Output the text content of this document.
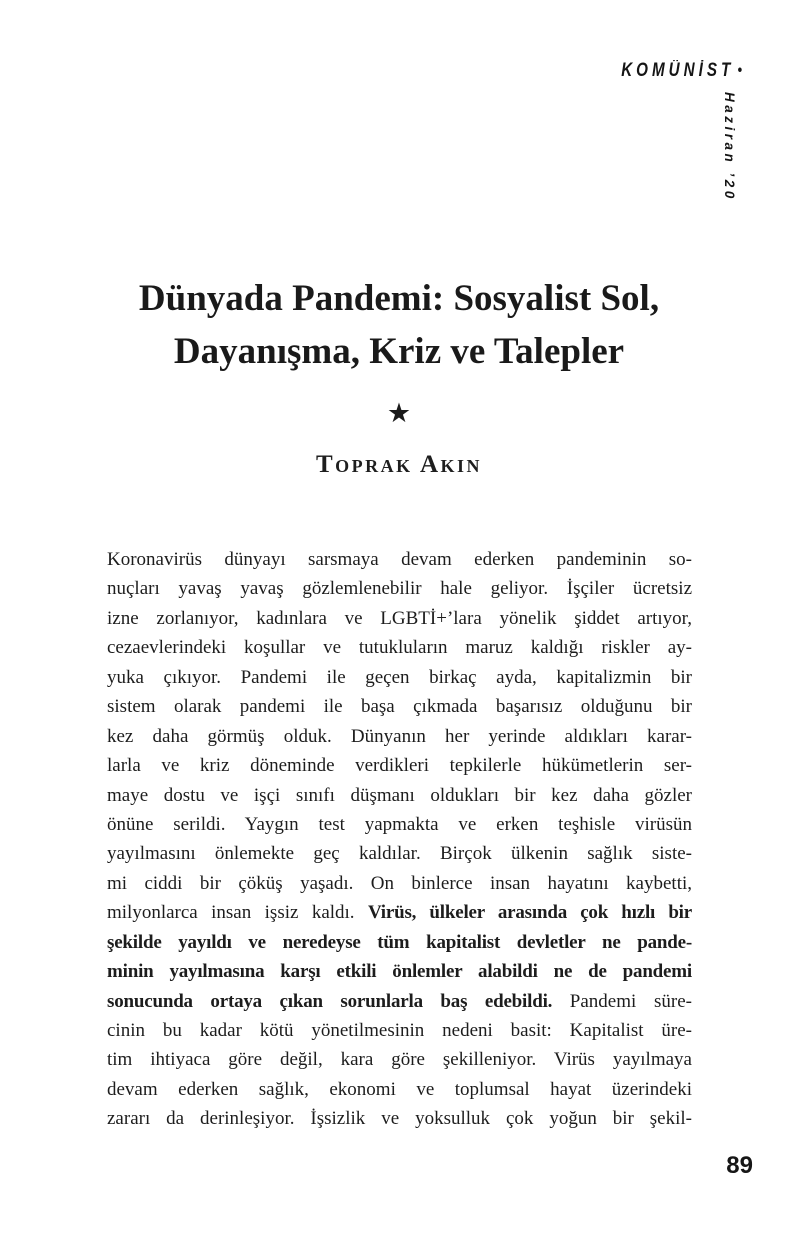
KOMÜNİST •
Haziran ’20
Dünyada Pandemi: Sosyalist Sol,
Dayanışma, Kriz ve Talepler
★
Toprak Akın
Koronavirüs dünyayı sarsmaya devam ederken pandeminin so-
nuçları yavaş yavaş gözlemlenebilir hale geliyor. İşçiler ücretsiz
izne zorlanıyor, kadınlara ve LGBTİ+’lara yönelik şiddet artıyor,
cezaevlerindeki koşullar ve tutukluların maruz kaldığı riskler ay-
yuka çıkıyor. Pandemi ile geçen birkaç ayda, kapitalizmin bir
sistem olarak pandemi ile başa çıkmada başarısız olduğunu bir
kez daha görmüş olduk. Dünyanın her yerinde aldıkları karar-
larla ve kriz döneminde verdikleri tepkilerle hükümetlerin ser-
maye dostu ve işçi sınıfı düşmanı oldukları bir kez daha gözler
önüne serildi. Yaygın test yapmakta ve erken teşhisle virüsün
yayılmasını önlemekte geç kaldılar. Birçok ülkenin sağlık siste-
mi ciddi bir çöküş yaşadı. On binlerce insan hayatını kaybetti,
milyonlarca insan işsiz kaldı. Virüs, ülkeler arasında çok hızlı bir
şekilde yayıldı ve neredeyse tüm kapitalist devletler ne pande-
minin yayılmasına karşı etkili önlemler alabildi ne de pandemi
sonucunda ortaya çıkan sorunlarla baş edebildi. Pandemi süre-
cinin bu kadar kötü yönetilmesinin nedeni basit: Kapitalist üre-
tim ihtiyaca göre değil, kara göre şekilleniyor. Virüs yayılmaya
devam ederken sağlık, ekonomi ve toplumsal hayat üzerindeki
zararı da derinleşiyor. İşsizlik ve yoksulluk çok yoğun bir şekil-
89
